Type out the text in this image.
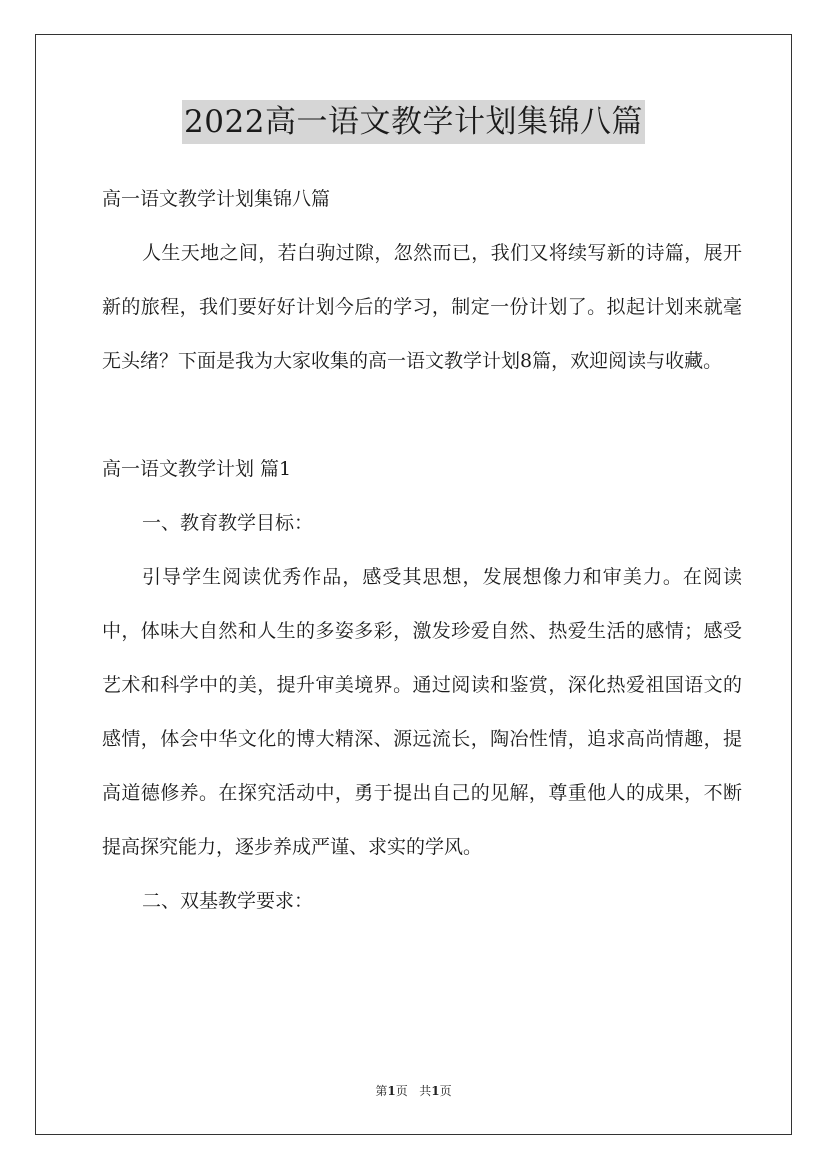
2022高一语文教学计划集锦八篇

高一语文教学计划集锦八篇

人生天地之间，若白驹过隙，忽然而已，我们又将续写新的诗篇，展开新的旅程，我们要好好计划今后的学习，制定一份计划了。拟起计划来就毫无头绪？下面是我为大家收集的高一语文教学计划8篇，欢迎阅读与收藏。

高一语文教学计划 篇1

一、教育教学目标：

引导学生阅读优秀作品，感受其思想，发展想像力和审美力。在阅读中，体味大自然和人生的多姿多彩，激发珍爱自然、热爱生活的感情；感受艺术和科学中的美，提升审美境界。通过阅读和鉴赏，深化热爱祖国语文的感情，体会中华文化的博大精深、源远流长，陶冶性情，追求高尚情趣，提高道德修养。在探究活动中，勇于提出自己的见解，尊重他人的成果，不断提高探究能力，逐步养成严谨、求实的学风。

二、双基教学要求：

第1页   共1页
